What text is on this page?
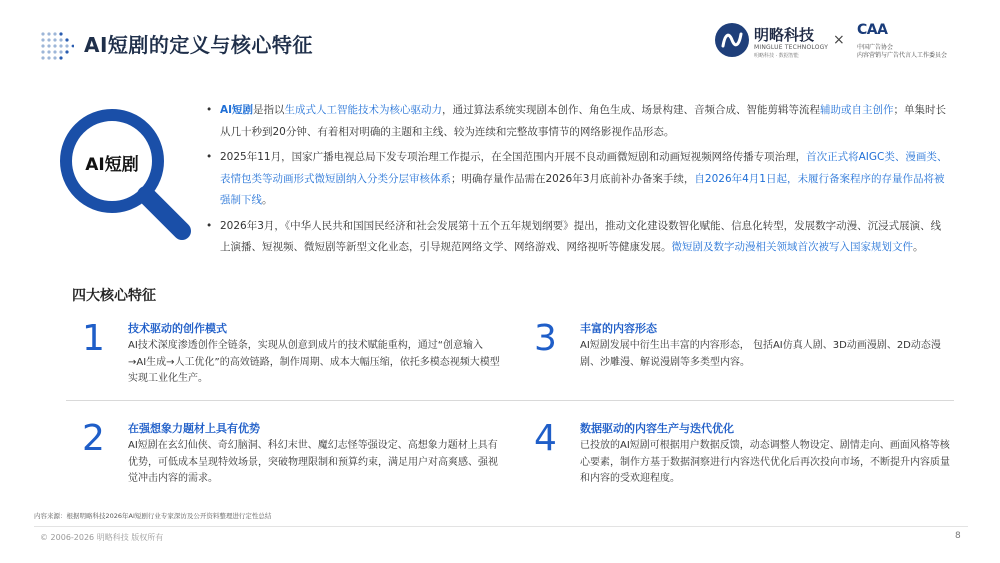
AI短剧的定义与核心特征	明略科技
MINGLUE TECHNOLOGY
明略科技 · 数据智能
×
CAA
中国广告协会
内容营销与广告代言人工作委员会
AI短剧
• AI短剧是指以生成式人工智能技术为核心驱动力，通过算法系统实现剧本创作、角色生成、场景构建、音频合成、智能剪辑等流程辅助或自主创作；单集时长从几十秒到20分钟、有着相对明确的主题和主线、较为连续和完整故事情节的网络影视作品形态。
• 2025年11月，国家广播电视总局下发专项治理工作提示，在全国范围内开展不良动画微短剧和动画短视频网络传播专项治理，首次正式将AIGC类、漫画类、表情包类等动画形式微短剧纳入分类分层审核体系；明确存量作品需在2026年3月底前补办备案手续，自2026年4月1日起，未履行备案程序的存量作品将被强制下线。
• 2026年3月，《中华人民共和国国民经济和社会发展第十五个五年规划纲要》提出，推动文化建设数智化赋能、信息化转型，发展数字动漫、沉浸式展演、线上演播、短视频、微短剧等新型文化业态，引导规范网络文学、网络游戏、网络视听等健康发展。微短剧及数字动漫相关领域首次被写入国家规划文件。
四大核心特征
1 技术驱动的创作模式
AI技术深度渗透创作全链条，实现从创意到成片的技术赋能重构，通过“创意输入→AI生成→人工优化”的高效链路，制作周期、成本大幅压缩，依托多模态视频大模型实现工业化生产。
3 丰富的内容形态
AI短剧发展中衍生出丰富的内容形态， 包括AI仿真人剧、3D动画漫剧、2D动态漫剧、沙雕漫、解说漫剧等多类型内容。
2 在强想象力题材上具有优势
AI短剧在玄幻仙侠、奇幻脑洞、科幻末世、魔幻志怪等强设定、高想象力题材上具有优势，可低成本呈现特效场景，突破物理限制和预算约束，满足用户对高爽感、强视觉冲击内容的需求。
4 数据驱动的内容生产与迭代优化
已投放的AI短剧可根据用户数据反馈，动态调整人物设定、剧情走向、画面风格等核心要素，制作方基于数据洞察进行内容迭代优化后再次投向市场，不断提升内容质量和内容的受欢迎程度。
内容来源：根据明略科技2026年AI短剧行业专家深访及公开资料整理进行定性总结
© 2006-2026 明略科技 版权所有	8
